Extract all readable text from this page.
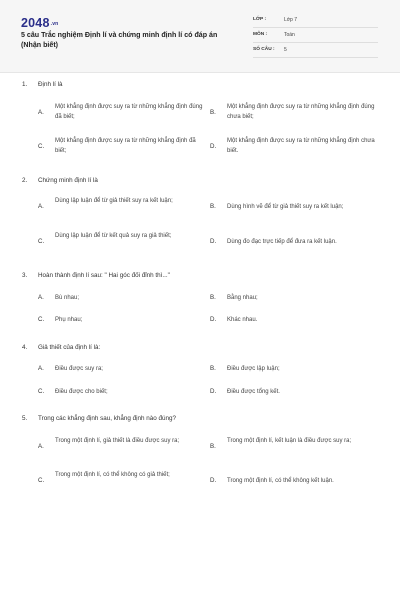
$2048^{.vn}$
5 câu Trắc nghiệm Định lí và chứng minh định lí có đáp án (Nhận biết)
LỚP :	Lớp 7
MÔN :	Toán
SỐ CÂU : 5
1. Định lí là
A.
Một khẳng định được suy ra từ những khẳng định đúng đã biết;
B.
Một khẳng định được suy ra từ những khẳng định đúng chưa biết;
C.
Một khẳng định được suy ra từ những khẳng định đã biết;
D.
Một khẳng định được suy ra từ những khẳng định chưa biết.
2. Chứng minh định lí là
A.
Dùng lập luận để từ giả thiết suy ra kết luận;
B. Dùng hình vẽ để từ giả thiết suy ra kết luận;
C.
Dùng lập luận để từ kết quả suy ra giả thiết;
D. Dùng đo đạc trực tiếp để đưa ra kết luận.
3. Hoàn thành định lí sau: " Hai góc đối đỉnh thì..."
A. Bù nhau;	B. Bằng nhau;
C. Phụ nhau;	D. Khác nhau.
4. Giả thiết của định lí là:
A. Điều được suy ra;	B. Điều được lập luận;
C. Điều được cho biết;	D. Điều được tổng kết.
5. Trong các khẳng định sau, khẳng định nào đúng?
A.
Trong một định lí, giả thiết là điều được suy ra;
B.
Trong một định lí, kết luận là điều được suy ra;
C.
Trong một định lí, có thể không có giả thiết;
D. Trong một định lí, có thể không kết luận.
